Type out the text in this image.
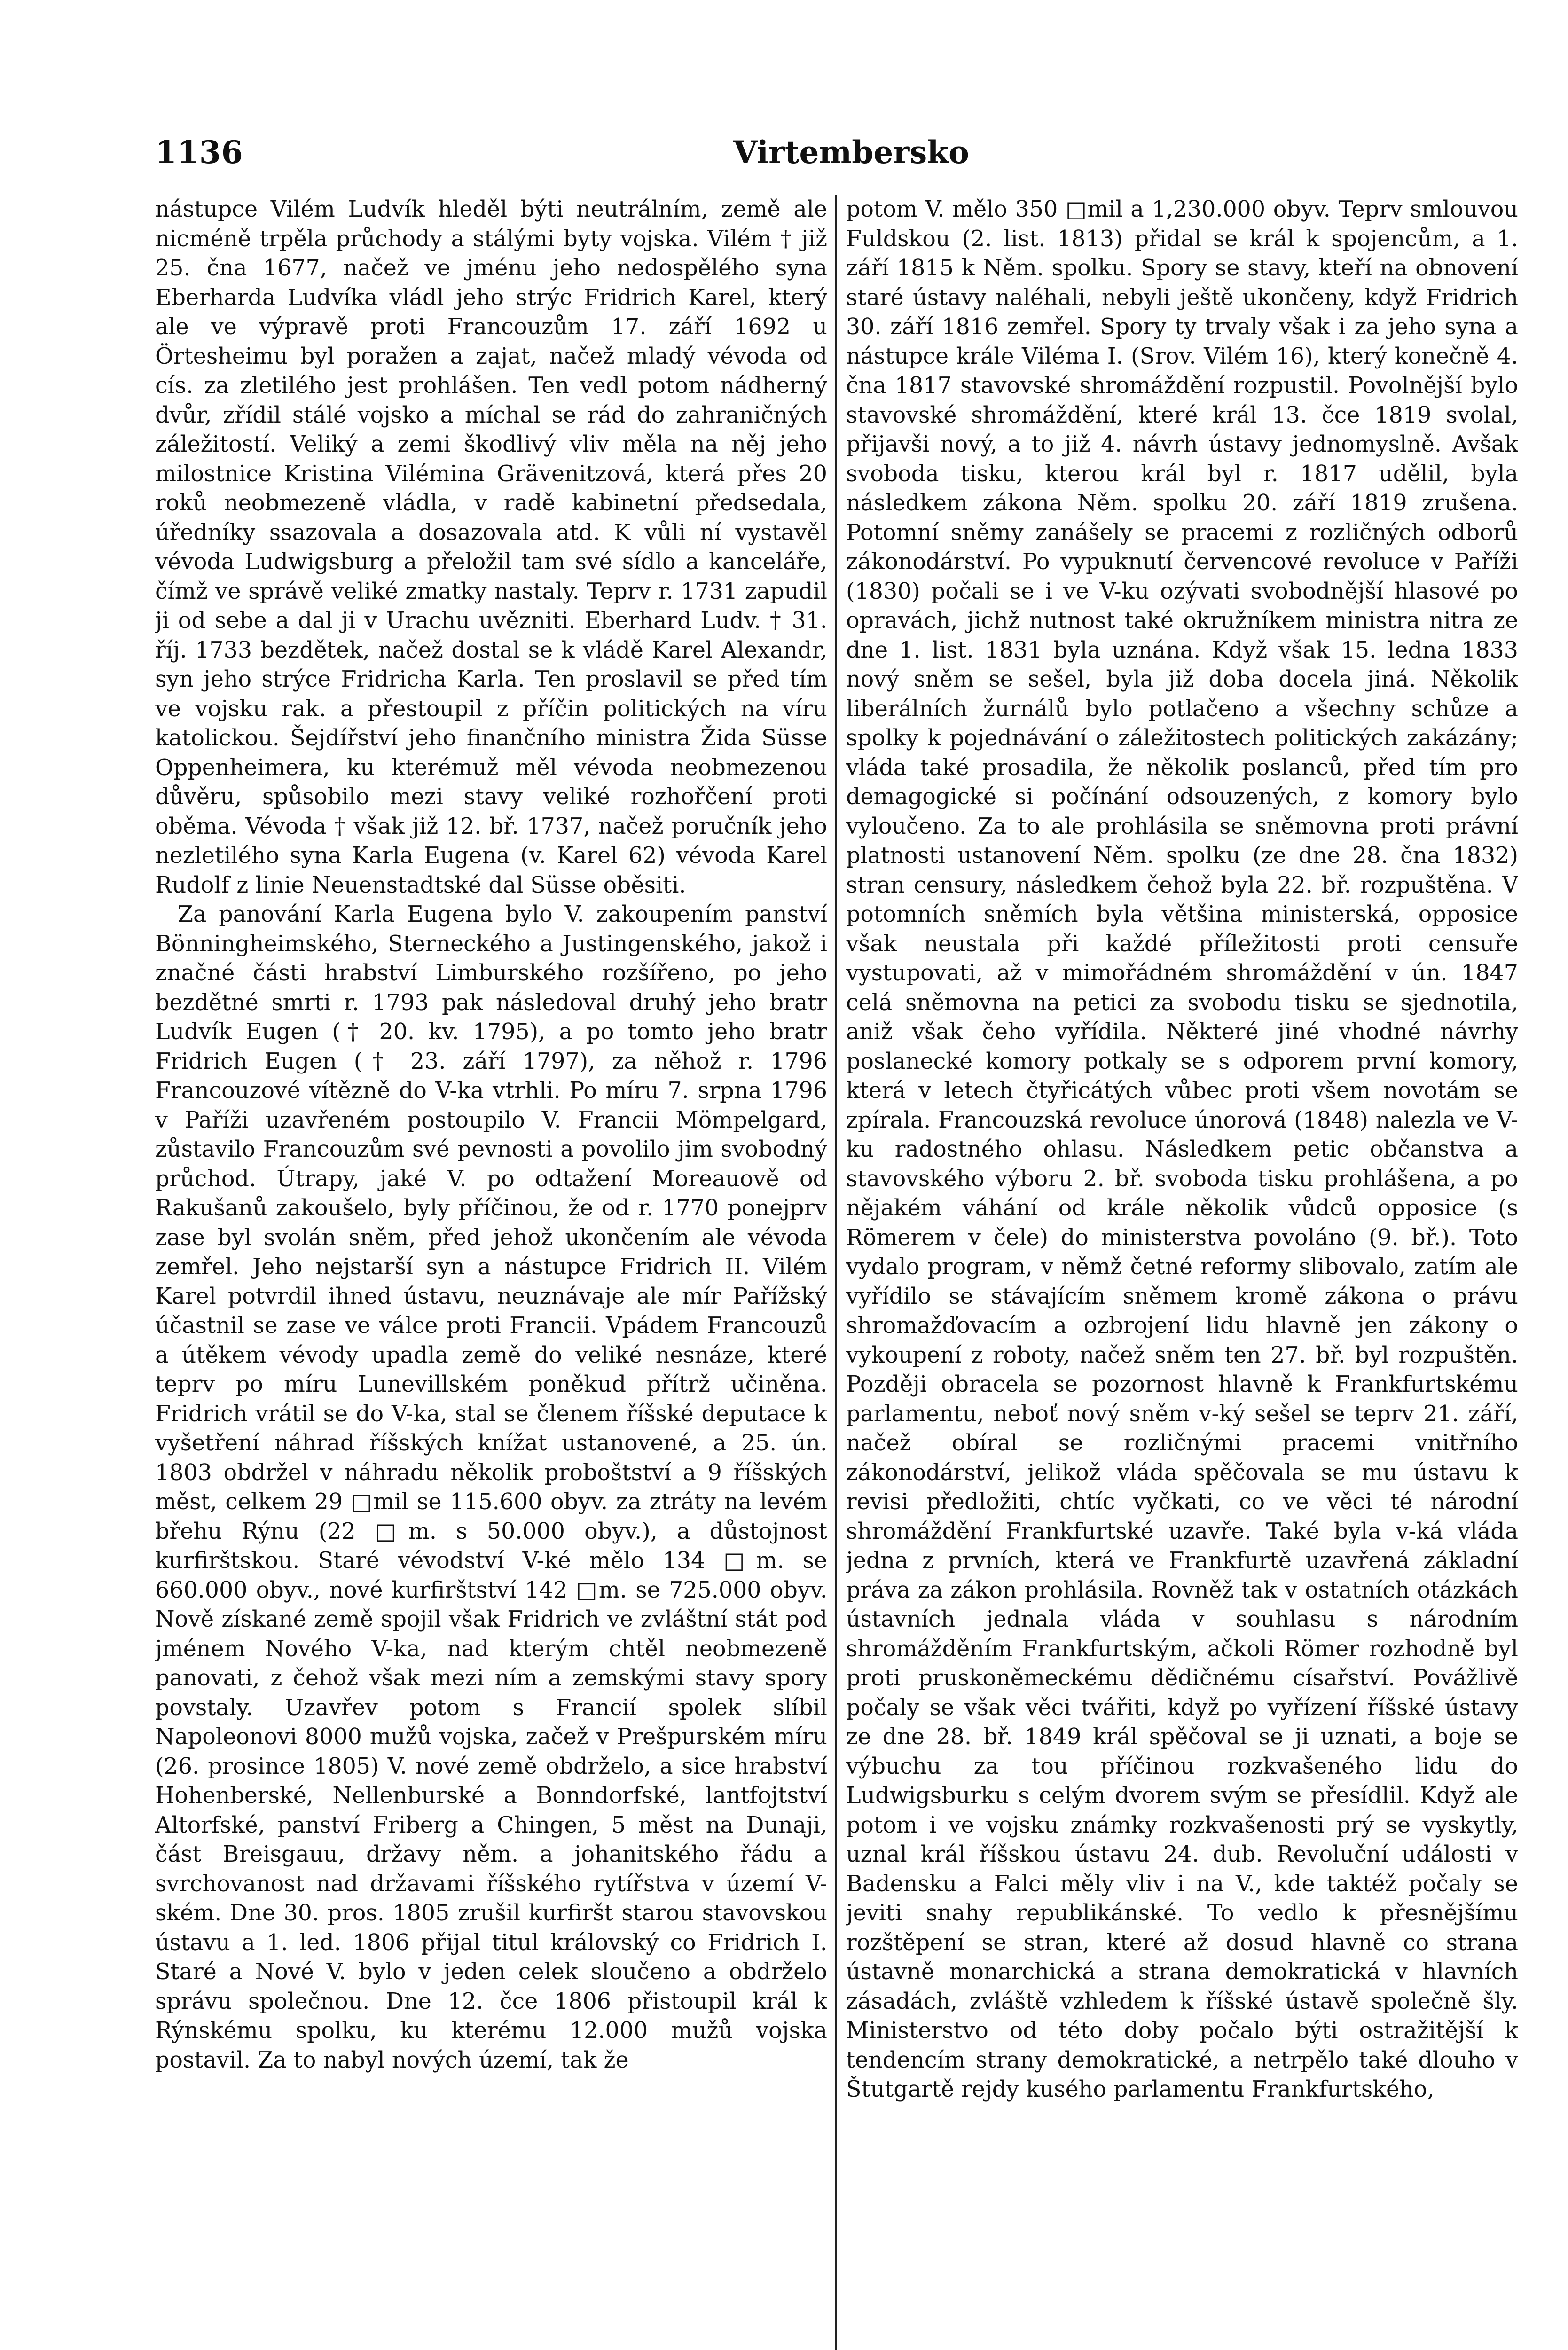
1136	Virtembersko

nástupce Vilém Ludvík hleděl býti neutrálním, země ale nicméně trpěla průchody a stálými byty vojska. Vilém † již 25. čna 1677, načež ve jménu jeho nedospělého syna Eberharda Ludvíka vládl jeho strýc Fridrich Karel, který ale ve výpravě proti Francouzům 17. září 1692 u Örtesheimu byl poražen a zajat, načež mladý vévoda od cís. za zletilého jest prohlášen. Ten vedl potom nádherný dvůr, zřídil stálé vojsko a míchal se rád do zahraničných záležitostí. Veliký a zemi škodlivý vliv měla na něj jeho milostnice Kristina Vilémina Grävenitzová, která přes 20 roků neobmezeně vládla, v radě kabinetní předsedala, úředníky ssazovala a dosazovala atd. K vůli ní vystavěl vévoda Ludwigsburg a přeložil tam své sídlo a kanceláře, čímž ve správě veliké zmatky nastaly. Teprv r. 1731 zapudil ji od sebe a dal ji v Urachu uvězniti. Eberhard Ludv. † 31. říj. 1733 bezdětek, načež dostal se k vládě Karel Alexandr, syn jeho strýce Fridricha Karla. Ten proslavil se před tím ve vojsku rak. a přestoupil z příčin politických na víru katolickou. Šejdířství jeho finančního ministra Žida Süsse Oppenheimera, ku kterémuž měl vévoda neobmezenou důvěru, spůsobilo mezi stavy veliké rozhořčení proti oběma. Vévoda † však již 12. bř. 1737, načež poručník jeho nezletilého syna Karla Eugena (v. Karel 62) vévoda Karel Rudolf z linie Neuenstadtské dal Süsse oběsiti.

Za panování Karla Eugena bylo V. zakoupením panství Bönningheimského, Sterneckého a Justingenského, jakož i značné části hrabství Limburského rozšířeno, po jeho bezdětné smrti r. 1793 pak následoval druhý jeho bratr Ludvík Eugen († 20. kv. 1795), a po tomto jeho bratr Fridrich Eugen († 23. září 1797), za něhož r. 1796 Francouzové vítězně do V-ka vtrhli. Po míru 7. srpna 1796 v Paříži uzavřeném postoupilo V. Francii Mömpelgard, zůstavilo Francouzům své pevnosti a povolilo jim svobodný průchod. Útrapy, jaké V. po odtažení Moreauově od Rakušanů zakoušelo, byly příčinou, že od r. 1770 ponejprv zase byl svolán sněm, před jehož ukončením ale vévoda zemřel. Jeho nejstarší syn a nástupce Fridrich II. Vilém Karel potvrdil ihned ústavu, neuznávaje ale mír Pařížský účastnil se zase ve válce proti Francii. Vpádem Francouzů a útěkem vévody upadla země do veliké nesnáze, které teprv po míru Lunevillském poněkud přítrž učiněna. Fridrich vrátil se do V-ka, stal se členem říšské deputace k vyšetření náhrad říšských knížat ustanovené, a 25. ún. 1803 obdržel v náhradu několik proboštství a 9 říšských měst, celkem 29 □mil se 115.600 obyv. za ztráty na levém břehu Rýnu (22 □m. s 50.000 obyv.), a důstojnost kurfirštskou. Staré vévodství V-ké mělo 134 □m. se 660.000 obyv., nové kurfirštství 142 □m. se 725.000 obyv. Nově získané země spojil však Fridrich ve zvláštní stát pod jménem Nového V-ka, nad kterým chtěl neobmezeně panovati, z čehož však mezi ním a zemskými stavy spory povstaly. Uzavřev potom s Francií spolek slíbil Napoleonovi 8000 mužů vojska, začež v Prešpurském míru (26. prosince 1805) V. nové země obdrželo, a sice hrabství Hohenberské, Nellenburské a Bonndorfské, lantfojtství Altorfské, panství Friberg a Chingen, 5 měst na Dunaji, část Breisgauu, državy něm. a johanitského řádu a svrchovanost nad državami říšského rytířstva v území V-ském. Dne 30. pros. 1805 zrušil kurfiršt starou stavovskou ústavu a 1. led. 1806 přijal titul královský co Fridrich I. Staré a Nové V. bylo v jeden celek sloučeno a obdrželo správu společnou. Dne 12. čce 1806 přistoupil král k Rýnskému spolku, ku kterému 12.000 mužů vojska postavil. Za to nabyl nových území, tak že

potom V. mělo 350 □mil a 1,230.000 obyv. Teprv smlouvou Fuldskou (2. list. 1813) přidal se král k spojencům, a 1. září 1815 k Něm. spolku. Spory se stavy, kteří na obnovení staré ústavy naléhali, nebyli ještě ukončeny, když Fridrich 30. září 1816 zemřel. Spory ty trvaly však i za jeho syna a nástupce krále Viléma I. (Srov. Vilém 16), který konečně 4. čna 1817 stavovské shromáždění rozpustil. Povolnější bylo stavovské shromáždění, které král 13. čce 1819 svolal, přijavši nový, a to již 4. návrh ústavy jednomyslně. Avšak svoboda tisku, kterou král byl r. 1817 udělil, byla následkem zákona Něm. spolku 20. září 1819 zrušena. Potomní sněmy zanášely se pracemi z rozličných odborů zákonodárství. Po vypuknutí červencové revoluce v Paříži (1830) počali se i ve V-ku ozývati svobodnější hlasové po opravách, jichž nutnost také okružníkem ministra nitra ze dne 1. list. 1831 byla uznána. Když však 15. ledna 1833 nový sněm se sešel, byla již doba docela jiná. Několik liberálních žurnálů bylo potlačeno a všechny schůze a spolky k pojednávání o záležitostech politických zakázány; vláda také prosadila, že několik poslanců, před tím pro demagogické si počínání odsouzených, z komory bylo vyloučeno. Za to ale prohlásila se sněmovna proti právní platnosti ustanovení Něm. spolku (ze dne 28. čna 1832) stran censury, následkem čehož byla 22. bř. rozpuštěna. V potomních sněmích byla většina ministerská, opposice však neustala při každé příležitosti proti censuře vystupovati, až v mimořádném shromáždění v ún. 1847 celá sněmovna na petici za svobodu tisku se sjednotila, aniž však čeho vyřídila. Některé jiné vhodné návrhy poslanecké komory potkaly se s odporem první komory, která v letech čtyřicátých vůbec proti všem novotám se zpírala. Francouzská revoluce únorová (1848) nalezla ve V-ku radostného ohlasu. Následkem petic občanstva a stavovského výboru 2. bř. svoboda tisku prohlášena, a po nějakém váhání od krále několik vůdců opposice (s Römerem v čele) do ministerstva povoláno (9. bř.). Toto vydalo program, v němž četné reformy slibovalo, zatím ale vyřídilo se stávajícím sněmem kromě zákona o právu shromažďovacím a ozbrojení lidu hlavně jen zákony o vykoupení z roboty, načež sněm ten 27. bř. byl rozpuštěn. Později obracela se pozornost hlavně k Frankfurtskému parlamentu, neboť nový sněm v-ký sešel se teprv 21. září, načež obíral se rozličnými pracemi vnitřního zákonodárství, jelikož vláda spěčovala se mu ústavu k revisi předložiti, chtíc vyčkati, co ve věci té národní shromáždění Frankfurtské uzavře. Také byla v-ká vláda jedna z prvních, která ve Frankfurtě uzavřená základní práva za zákon prohlásila. Rovněž tak v ostatních otázkách ústavních jednala vláda v souhlasu s národním shromážděním Frankfurtským, ačkoli Römer rozhodně byl proti pruskoněmeckému dědičnému císařství. Povážlivě počaly se však věci tvářiti, když po vyřízení říšské ústavy ze dne 28. bř. 1849 král spěčoval se ji uznati, a boje se výbuchu za tou příčinou rozkvašeného lidu do Ludwigsburku s celým dvorem svým se přesídlil. Když ale potom i ve vojsku známky rozkvašenosti prý se vyskytly, uznal král říšskou ústavu 24. dub. Revoluční události v Badensku a Falci měly vliv i na V., kde taktéž počaly se jeviti snahy republikánské. To vedlo k přesnějšímu rozštěpení se stran, které až dosud hlavně co strana ústavně monarchická a strana demokratická v hlavních zásadách, zvláště vzhledem k říšské ústavě společně šly. Ministerstvo od této doby počalo býti ostražitější k tendencím strany demokratické, a netrpělo také dlouho v Štutgartě rejdy kusého parlamentu Frankfurtského,
